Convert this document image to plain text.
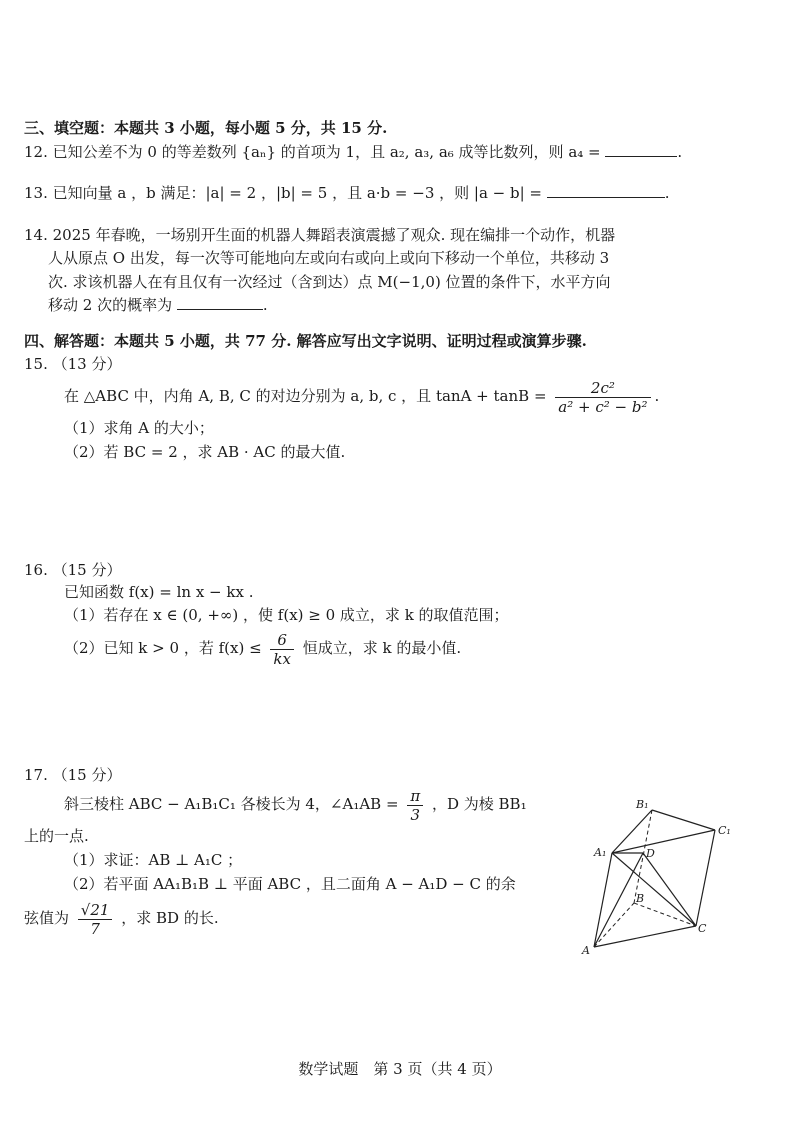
三、填空题：本题共 3 小题，每小题 5 分，共 15 分.
12. 已知公差不为 0 的等差数列 {aₙ} 的首项为 1，且 a₂, a₃, a₆ 成等比数列，则 a₄ =	.
13. 已知向量 a ，b 满足：|a| = 2 ，|b| = 5 ，且 a·b = −3 ，则 |a − b| =	.
14. 2025 年春晚，一场别开生面的机器人舞蹈表演震撼了观众. 现在编排一个动作，机器
人从原点 O 出发，每一次等可能地向左或向右或向上或向下移动一个单位，共移动 3
次. 求该机器人在有且仅有一次经过（含到达）点 M(−1,0) 位置的条件下，水平方向
移动 2 次的概率为	.
四、解答题：本题共 5 小题，共 77 分. 解答应写出文字说明、证明过程或演算步骤.
15. （13 分）
在 △ABC 中，内角 A, B, C 的对边分别为 a, b, c ，且 $\tan A + \tan B = \frac{\text{2c²}}{\text{a² + c² − b²}}$ .
（1）求角 A 的大小；
（2）若 BC = 2 ，求 AB · AC 的最大值.
16. （15 分）
已知函数 f(x) = ln x − kx .
（1）若存在 x ∈ (0, +∞) ，使 f(x) ≥ 0 成立，求 k 的取值范围；
（2）已知 k > 0 ，若 $f(x) \le \frac{6}{kx}$ 恒成立，求 k 的最小值.
17. （15 分）
斜三棱柱 ABC − A₁B₁C₁ 各棱长为 4，∠A₁AB = $\frac{\pi}{3}$ ，D 为棱 BB₁
上的一点.
（1）求证：AB ⊥ A₁C ；
（2）若平面 AA₁B₁B ⊥ 平面 ABC ，且二面角 A − A₁D − C 的余
弦值为 $\frac{√21}{7}$ ，求 BD 的长.
B₁
C₁
A₁	D
B
C
A
数学试题　第 3 页（共 4 页）
